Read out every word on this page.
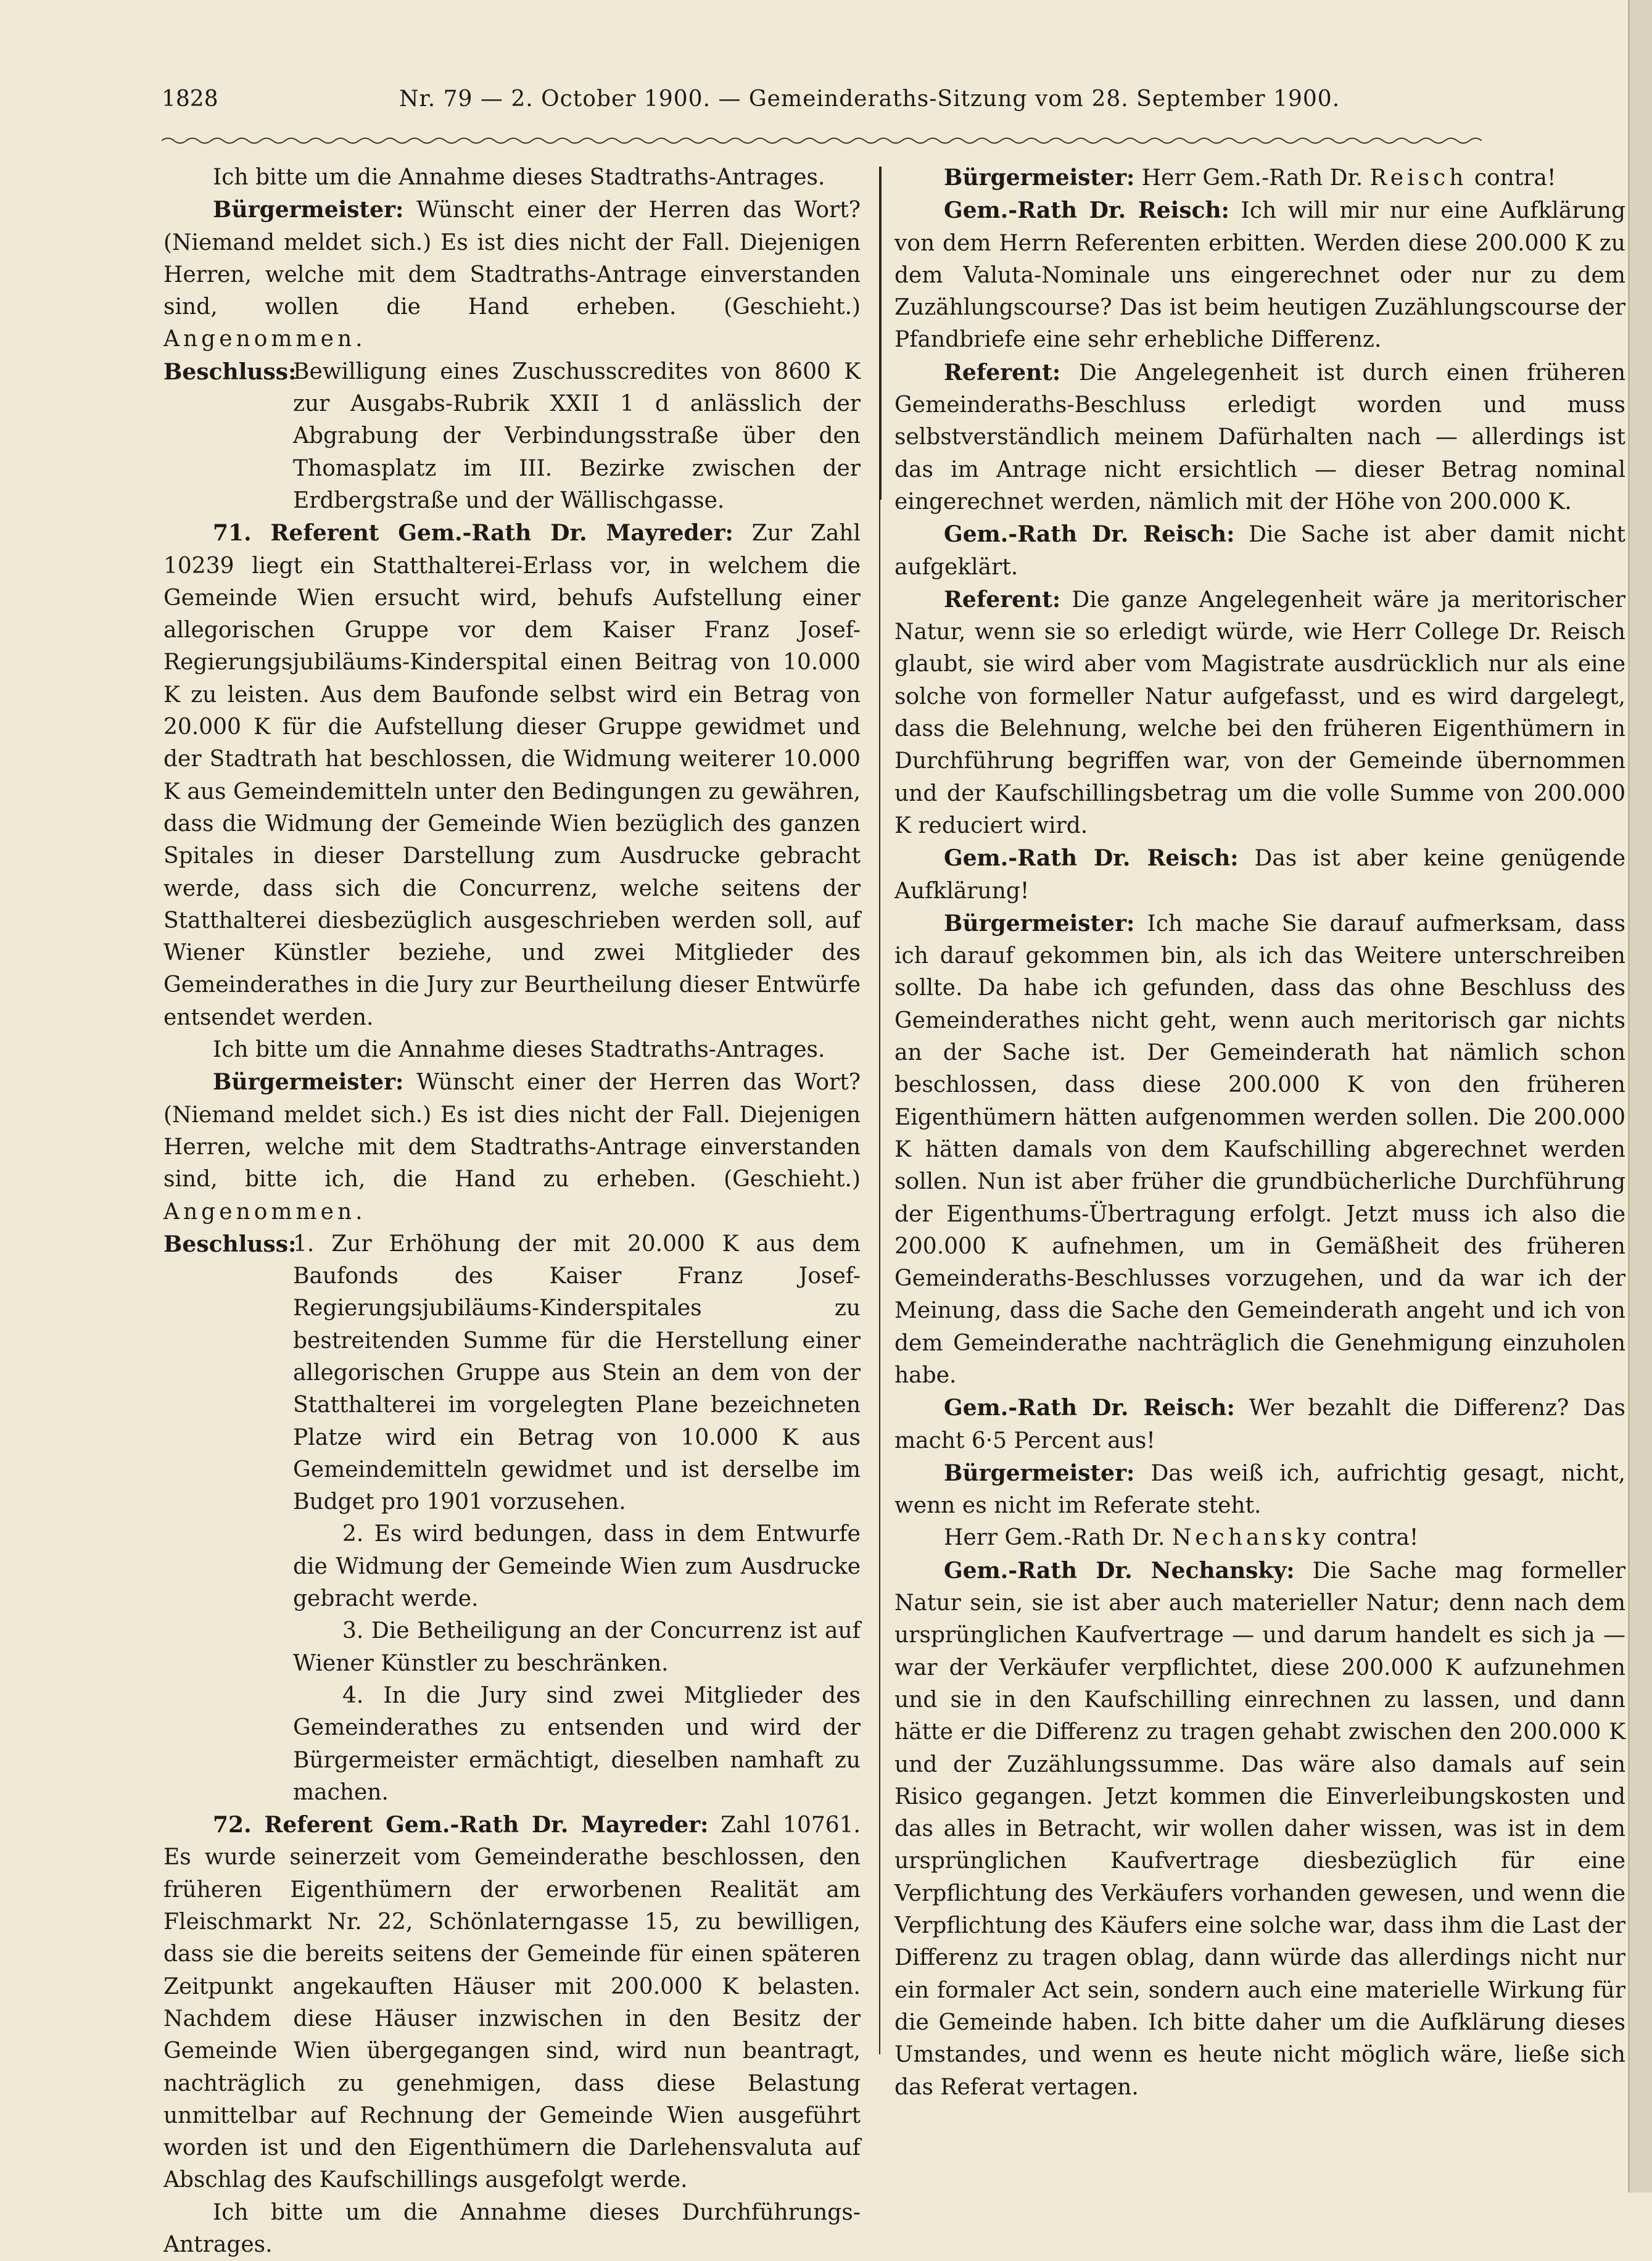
1828	Nr. 79 — 2. October 1900. — Gemeinderaths-Sitzung vom 28. September 1900.

Ich bitte um die Annahme dieses Stadtraths-Antrages.

Bürgermeister: Wünscht einer der Herren das Wort? (Niemand meldet sich.) Es ist dies nicht der Fall. Diejenigen Herren, welche mit dem Stadtraths-Antrage einverstanden sind, wollen die Hand erheben. (Geschieht.) Angenommen.

Beschluss:
Bewilligung eines Zuschusscredites von 8600 K zur Ausgabs-Rubrik XXII 1 d anlässlich der Abgrabung der Verbindungsstraße über den Thomasplatz im III. Bezirke zwischen der Erdbergstraße und der Wällischgasse.

71. Referent Gem.-Rath Dr. Mayreder: Zur Zahl 10239 liegt ein Statthalterei-Erlass vor, in welchem die Gemeinde Wien ersucht wird, behufs Aufstellung einer allegorischen Gruppe vor dem Kaiser Franz Josef-Regierungsjubiläums-Kinderspital einen Beitrag von 10.000 K zu leisten. Aus dem Baufonde selbst wird ein Betrag von 20.000 K für die Aufstellung dieser Gruppe gewidmet und der Stadtrath hat beschlossen, die Widmung weiterer 10.000 K aus Gemeindemitteln unter den Bedingungen zu gewähren, dass die Widmung der Gemeinde Wien bezüglich des ganzen Spitales in dieser Darstellung zum Ausdrucke gebracht werde, dass sich die Concurrenz, welche seitens der Statthalterei diesbezüglich ausgeschrieben werden soll, auf Wiener Künstler beziehe, und zwei Mitglieder des Gemeinderathes in die Jury zur Beurtheilung dieser Entwürfe entsendet werden.

Ich bitte um die Annahme dieses Stadtraths-Antrages.

Bürgermeister: Wünscht einer der Herren das Wort? (Niemand meldet sich.) Es ist dies nicht der Fall. Diejenigen Herren, welche mit dem Stadtraths-Antrage einverstanden sind, bitte ich, die Hand zu erheben. (Geschieht.) Angenommen.

Beschluss:
1. Zur Erhöhung der mit 20.000 K aus dem Baufonds des Kaiser Franz Josef-Regierungsjubiläums-Kinderspitales zu bestreitenden Summe für die Herstellung einer allegorischen Gruppe aus Stein an dem von der Statthalterei im vorgelegten Plane bezeichneten Platze wird ein Betrag von 10.000 K aus Gemeindemitteln gewidmet und ist derselbe im Budget pro 1901 vorzusehen.

2. Es wird bedungen, dass in dem Entwurfe die Widmung der Gemeinde Wien zum Ausdrucke gebracht werde.

3. Die Betheiligung an der Concurrenz ist auf Wiener Künstler zu beschränken.

4. In die Jury sind zwei Mitglieder des Gemeinderathes zu entsenden und wird der Bürgermeister ermächtigt, dieselben namhaft zu machen.

72. Referent Gem.-Rath Dr. Mayreder: Zahl 10761. Es wurde seinerzeit vom Gemeinderathe beschlossen, den früheren Eigenthümern der erworbenen Realität am Fleischmarkt Nr. 22, Schönlaterngasse 15, zu bewilligen, dass sie die bereits seitens der Gemeinde für einen späteren Zeitpunkt angekauften Häuser mit 200.000 K belasten. Nachdem diese Häuser inzwischen in den Besitz der Gemeinde Wien übergegangen sind, wird nun beantragt, nachträglich zu genehmigen, dass diese Belastung unmittelbar auf Rechnung der Gemeinde Wien ausgeführt worden ist und den Eigenthümern die Darlehensvaluta auf Abschlag des Kaufschillings ausgefolgt werde.

Ich bitte um die Annahme dieses Durchführungs-Antrages.

Bürgermeister: Herr Gem.-Rath Dr. Reisch contra!

Gem.-Rath Dr. Reisch: Ich will mir nur eine Aufklärung von dem Herrn Referenten erbitten. Werden diese 200.000 K zu dem Valuta-Nominale uns eingerechnet oder nur zu dem Zuzählungscourse? Das ist beim heutigen Zuzählungscourse der Pfandbriefe eine sehr erhebliche Differenz.

Referent: Die Angelegenheit ist durch einen früheren Gemeinderaths-Beschluss erledigt worden und muss selbstverständlich meinem Dafürhalten nach — allerdings ist das im Antrage nicht ersichtlich — dieser Betrag nominal eingerechnet werden, nämlich mit der Höhe von 200.000 K.

Gem.-Rath Dr. Reisch: Die Sache ist aber damit nicht aufgeklärt.

Referent: Die ganze Angelegenheit wäre ja meritorischer Natur, wenn sie so erledigt würde, wie Herr College Dr. Reisch glaubt, sie wird aber vom Magistrate ausdrücklich nur als eine solche von formeller Natur aufgefasst, und es wird dargelegt, dass die Belehnung, welche bei den früheren Eigenthümern in Durchführung begriffen war, von der Gemeinde übernommen und der Kaufschillingsbetrag um die volle Summe von 200.000 K reduciert wird.

Gem.-Rath Dr. Reisch: Das ist aber keine genügende Aufklärung!

Bürgermeister: Ich mache Sie darauf aufmerksam, dass ich darauf gekommen bin, als ich das Weitere unterschreiben sollte. Da habe ich gefunden, dass das ohne Beschluss des Gemeinderathes nicht geht, wenn auch meritorisch gar nichts an der Sache ist. Der Gemeinderath hat nämlich schon beschlossen, dass diese 200.000 K von den früheren Eigenthümern hätten aufgenommen werden sollen. Die 200.000 K hätten damals von dem Kaufschilling abgerechnet werden sollen. Nun ist aber früher die grundbücherliche Durchführung der Eigenthums-Übertragung erfolgt. Jetzt muss ich also die 200.000 K aufnehmen, um in Gemäßheit des früheren Gemeinderaths-Beschlusses vorzugehen, und da war ich der Meinung, dass die Sache den Gemeinderath angeht und ich von dem Gemeinderathe nachträglich die Genehmigung einzuholen habe.

Gem.-Rath Dr. Reisch: Wer bezahlt die Differenz? Das macht 6·5 Percent aus!

Bürgermeister: Das weiß ich, aufrichtig gesagt, nicht, wenn es nicht im Referate steht.

Herr Gem.-Rath Dr. Nechansky contra!

Gem.-Rath Dr. Nechansky: Die Sache mag formeller Natur sein, sie ist aber auch materieller Natur; denn nach dem ursprünglichen Kaufvertrage — und darum handelt es sich ja — war der Verkäufer verpflichtet, diese 200.000 K aufzunehmen und sie in den Kaufschilling einrechnen zu lassen, und dann hätte er die Differenz zu tragen gehabt zwischen den 200.000 K und der Zuzählungssumme. Das wäre also damals auf sein Risico gegangen. Jetzt kommen die Einverleibungskosten und das alles in Betracht, wir wollen daher wissen, was ist in dem ursprünglichen Kaufvertrage diesbezüglich für eine Verpflichtung des Verkäufers vorhanden gewesen, und wenn die Verpflichtung des Käufers eine solche war, dass ihm die Last der Differenz zu tragen oblag, dann würde das allerdings nicht nur ein formaler Act sein, sondern auch eine materielle Wirkung für die Gemeinde haben. Ich bitte daher um die Aufklärung dieses Umstandes, und wenn es heute nicht möglich wäre, ließe sich das Referat vertagen.
